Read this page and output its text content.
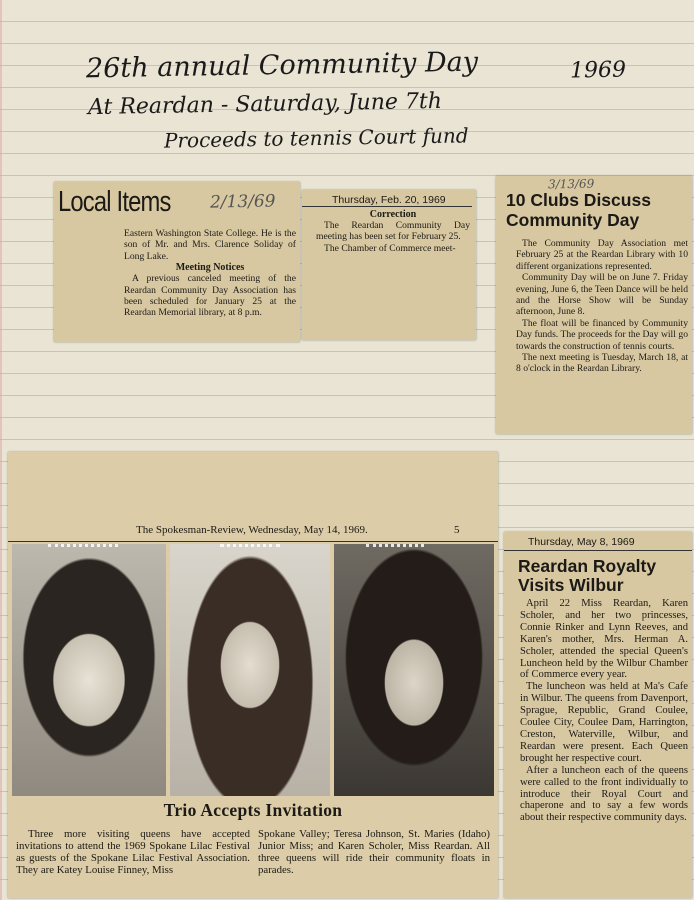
26th annual Community Day	1969
At Reardan - Saturday, June 7th
Proceeds to tennis Court fund
Local Items 2/13/69

Eastern Washington State College. He is the son of Mr. and Mrs. Clarence Soliday of Long Lake.

Meeting Notices

A previous canceled meeting of the Reardan Community Day Association has been scheduled for January 25 at the Reardan Memorial library, at 8 p.m.

Thursday, Feb. 20, 1969

Correction

The Reardan Community Day meeting has been set for February 25.

The Chamber of Commerce meet-

3/13/69
10 Clubs Discuss Community Day

The Community Day Association met February 25 at the Reardan Library with 10 different organizations represented.

Community Day will be on June 7. Friday evening, June 6, the Teen Dance will be held and the Horse Show will be Sunday afternoon, June 8.

The float will be financed by Community Day funds. The proceeds for the Day will go towards the construction of tennis courts.

The next meeting is Tuesday, March 18, at 8 o'clock in the Reardan Library.

The Spokesman-Review, Wednesday, May 14, 1969.	5
Trio Accepts Invitation

Three more visiting queens have accepted invitations to attend the 1969 Spokane Lilac Festival as guests of the Spokane Lilac Festival Association. They are Katey Louise Finney, Miss

Spokane Valley; Teresa Johnson, St. Maries (Idaho) Junior Miss; and Karen Scholer, Miss Reardan. All three queens will ride their community floats in parades.

Thursday, May 8, 1969

Reardan Royalty Visits Wilbur

April 22 Miss Reardan, Karen Scholer, and her two princesses, Connie Rinker and Lynn Reeves, and Karen's mother, Mrs. Herman A. Scholer, attended the special Queen's Luncheon held by the Wilbur Chamber of Commerce every year.

The luncheon was held at Ma's Cafe in Wilbur. The queens from Davenport, Sprague, Republic, Grand Coulee, Coulee City, Coulee Dam, Harrington, Creston, Waterville, Wilbur, and Reardan were present. Each Queen brought her respective court.

After a luncheon each of the queens were called to the front individually to introduce their Royal Court and chaperone and to say a few words about their respective community days.
